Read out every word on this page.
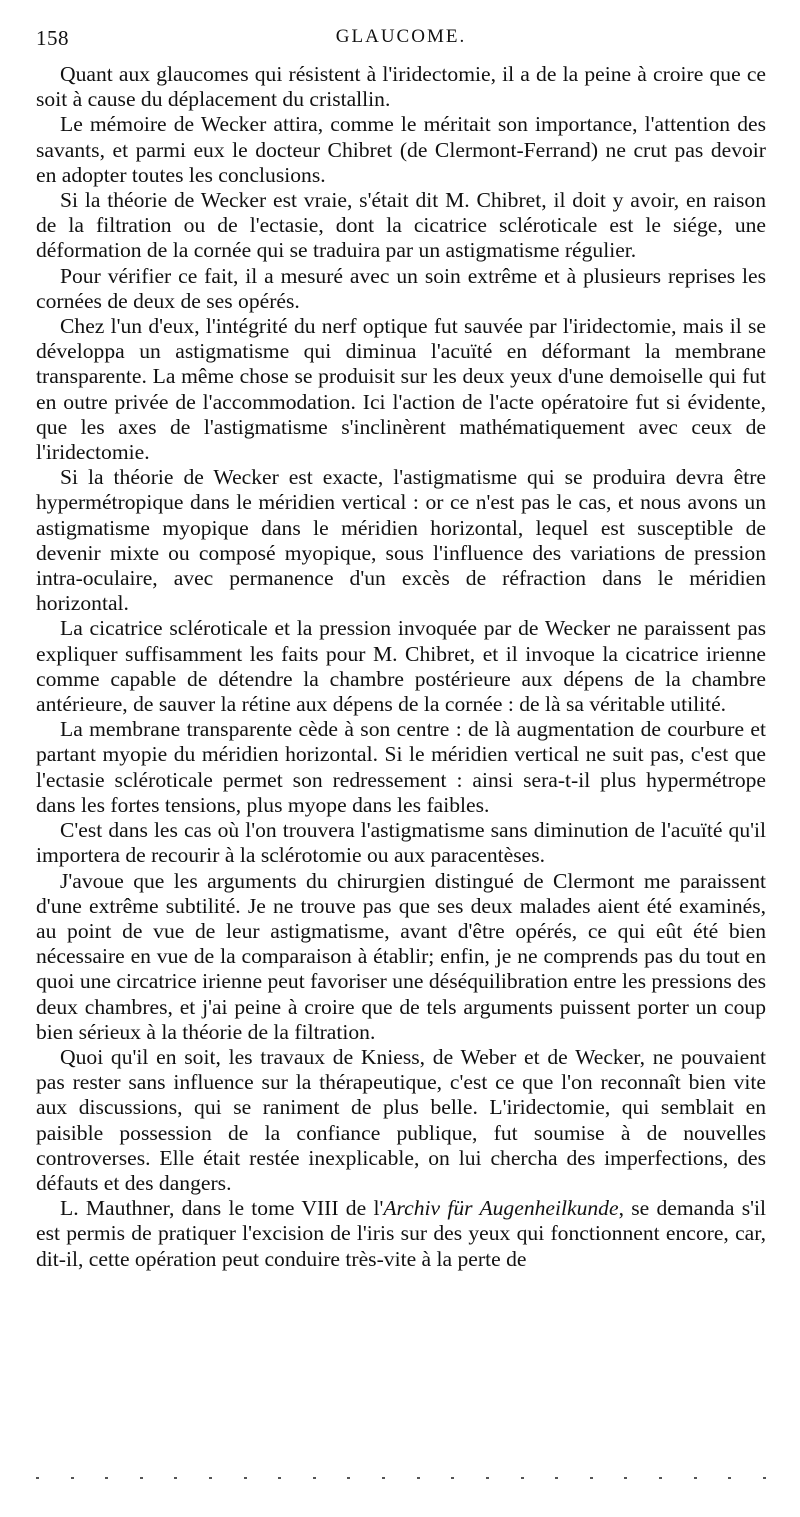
158	GLAUCOME.

Quant aux glaucomes qui résistent à l'iridectomie, il a de la peine à croire que ce soit à cause du déplacement du cristallin.

Le mémoire de Wecker attira, comme le méritait son importance, l'attention des savants, et parmi eux le docteur Chibret (de Clermont-Ferrand) ne crut pas devoir en adopter toutes les conclusions.

Si la théorie de Wecker est vraie, s'était dit M. Chibret, il doit y avoir, en raison de la filtration ou de l'ectasie, dont la cicatrice scléroticale est le siége, une déformation de la cornée qui se traduira par un astigmatisme régulier.

Pour vérifier ce fait, il a mesuré avec un soin extrême et à plusieurs reprises les cornées de deux de ses opérés.

Chez l'un d'eux, l'intégrité du nerf optique fut sauvée par l'iridectomie, mais il se développa un astigmatisme qui diminua l'acuïté en déformant la membrane transparente. La même chose se produisit sur les deux yeux d'une demoiselle qui fut en outre privée de l'accommodation. Ici l'action de l'acte opératoire fut si évidente, que les axes de l'astigmatisme s'inclinèrent mathématiquement avec ceux de l'iridectomie.

Si la théorie de Wecker est exacte, l'astigmatisme qui se produira devra être hypermétropique dans le méridien vertical : or ce n'est pas le cas, et nous avons un astigmatisme myopique dans le méridien horizontal, lequel est susceptible de devenir mixte ou composé myopique, sous l'influence des variations de pression intra-oculaire, avec permanence d'un excès de réfraction dans le méridien horizontal.

La cicatrice scléroticale et la pression invoquée par de Wecker ne paraissent pas expliquer suffisamment les faits pour M. Chibret, et il invoque la cicatrice irienne comme capable de détendre la chambre postérieure aux dépens de la chambre antérieure, de sauver la rétine aux dépens de la cornée : de là sa véritable utilité.

La membrane transparente cède à son centre : de là augmentation de courbure et partant myopie du méridien horizontal. Si le méridien vertical ne suit pas, c'est que l'ectasie scléroticale permet son redressement : ainsi sera-t-il plus hypermétrope dans les fortes tensions, plus myope dans les faibles.

C'est dans les cas où l'on trouvera l'astigmatisme sans diminution de l'acuïté qu'il importera de recourir à la sclérotomie ou aux paracentèses.

J'avoue que les arguments du chirurgien distingué de Clermont me paraissent d'une extrême subtilité. Je ne trouve pas que ses deux malades aient été examinés, au point de vue de leur astigmatisme, avant d'être opérés, ce qui eût été bien nécessaire en vue de la comparaison à établir; enfin, je ne comprends pas du tout en quoi une circatrice irienne peut favoriser une déséquilibration entre les pressions des deux chambres, et j'ai peine à croire que de tels arguments puissent porter un coup bien sérieux à la théorie de la filtration.

Quoi qu'il en soit, les travaux de Kniess, de Weber et de Wecker, ne pouvaient pas rester sans influence sur la thérapeutique, c'est ce que l'on reconnaît bien vite aux discussions, qui se raniment de plus belle. L'iridectomie, qui semblait en paisible possession de la confiance publique, fut soumise à de nouvelles controverses. Elle était restée inexplicable, on lui chercha des imperfections, des défauts et des dangers.

L. Mauthner, dans le tome VIII de l'Archiv für Augenheilkunde, se demanda s'il est permis de pratiquer l'excision de l'iris sur des yeux qui fonctionnent encore, car, dit-il, cette opération peut conduire très-vite à la perte de
